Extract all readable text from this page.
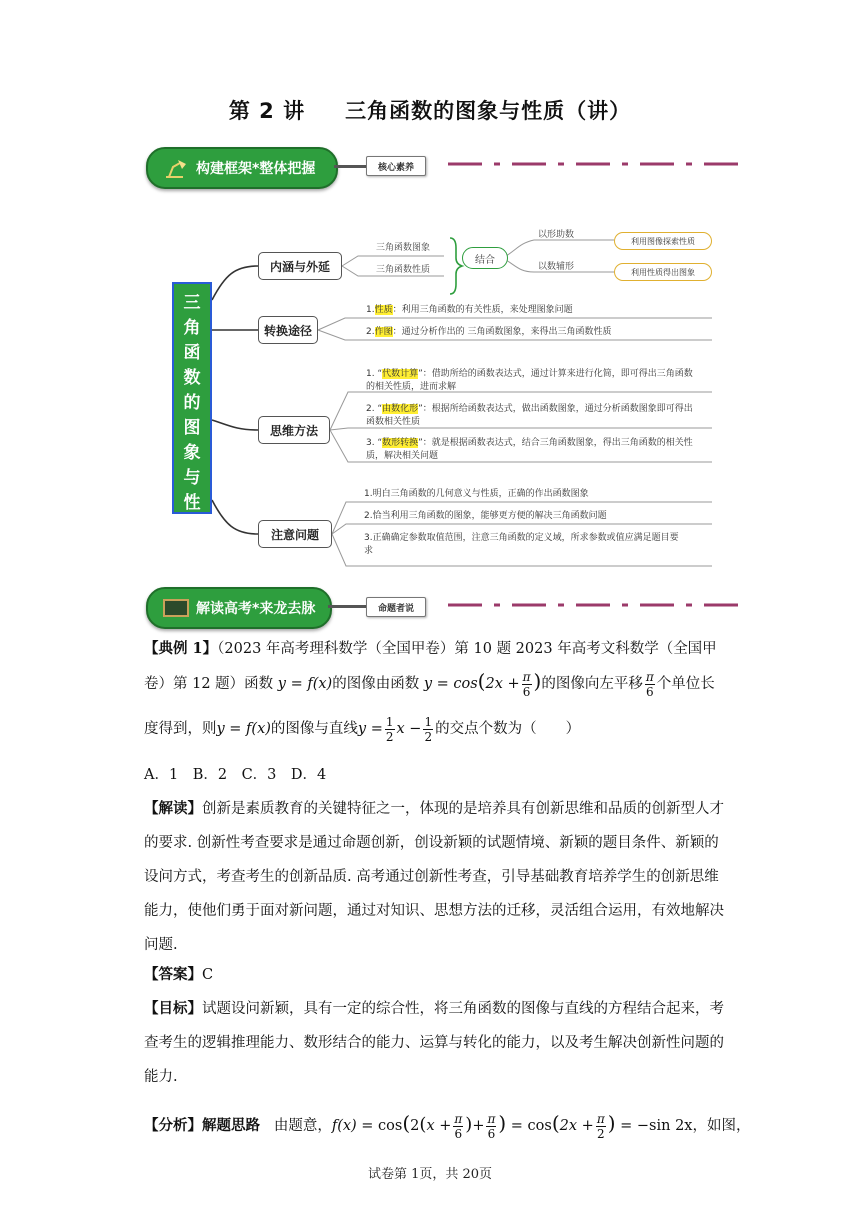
第 2 讲 三角函数的图象与性质（讲）
构建框架*整体把握	核心素养
三
角
函
数
的
图
象
与
性
质
内涵与外延
转换途径
思维方法
注意问题
三角函数图象
三角函数性质
结合
以形助数
以数辅形
利用图像探索性质
利用性质得出图象
1.性质：利用三角函数的有关性质，来处理图象问题
2.作图：通过分析作出的 三角函数图象，来得出三角函数性质
1. “代数计算”：借助所给的函数表达式，通过计算来进行化简，即可得出三角函数的相关性质，进而求解
2. “由数化形”：根据所给函数表达式，做出函数图象，通过分析函数图象即可得出函数相关性质
3. “数形转换”：就是根据函数表达式，结合三角函数图象，得出三角函数的相关性质，解决相关问题
1.明白三角函数的几何意义与性质，正确的作出函数图象
2.恰当利用三角函数的图象，能够更方便的解决三角函数问题
3.正确确定参数取值范围，注意三角函数的定义域，所求参数或值应满足题目要求
解读高考*来龙去脉	命题者说
【典例 1】（2023 年高考理科数学（全国甲卷）第 10 题 2023 年高考文科数学（全国甲
卷）第 12 题）函数 y = f(x)的图像由函数 $y = \cos(2x + \frac{\pi}{6}$ )的图像向左平移 $\frac{\pi}{6}$ 个单位长
度得到，则y = f(x)的图像与直线$y = \frac{1}{2}$ $x - \frac{1}{2}$ 的交点个数为（　　）
A．1　B．2　C．3　D．4
【解读】创新是素质教育的关键特征之一，体现的是培养具有创新思维和品质的创新型人才的要求. 创新性考查要求是通过命题创新，创设新颖的试题情境、新颖的题目条件、新颖的设问方式，考查考生的创新品质. 高考通过创新性考查，引导基础教育培养学生的创新思维能力，使他们勇于面对新问题，通过对知识、思想方法的迁移，灵活组合运用，有效地解决问题.
【答案】C
【目标】试题设问新颖，具有一定的综合性，将三角函数的图像与直线的方程结合起来，考查考生的逻辑推理能力、数形结合的能力、运算与转化的能力，以及考生解决创新性问题的能力.
【分析】解题思路 由题意，$f(x) = \cos(2(x + \frac{\pi}{6}$ )+ $\frac{\pi}{6}$ ) = $\cos(2x + \frac{\pi}{2}$ ) = −sin 2x，如图，
试卷第 1页，共 20页
